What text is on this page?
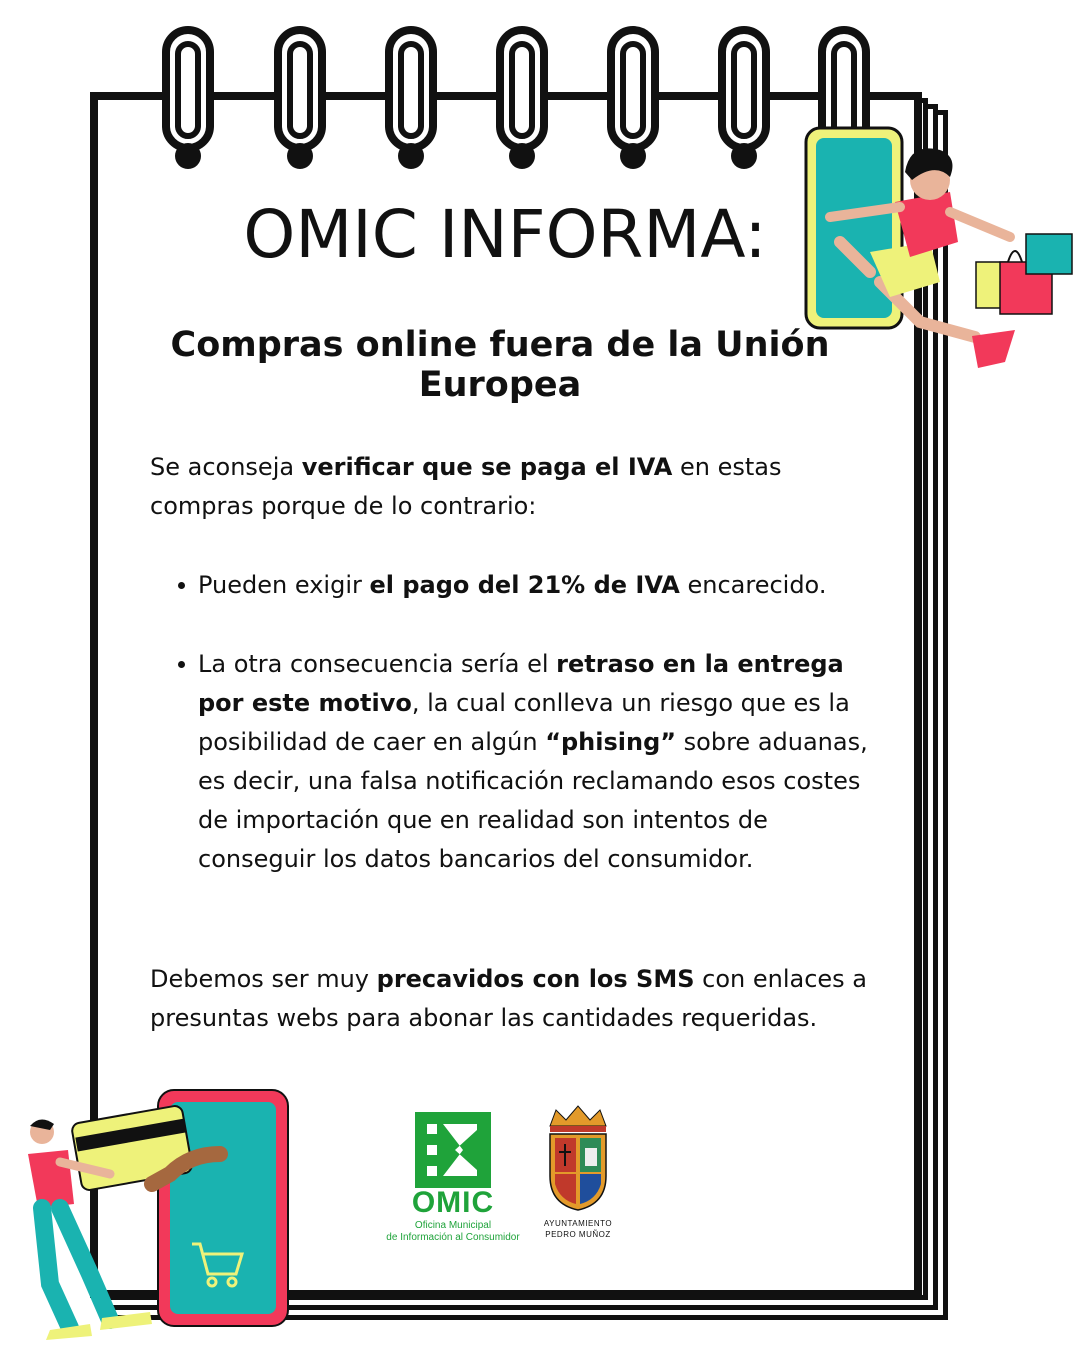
OMIC INFORMA:
Compras online fuera de la Unión Europea

Se aconseja verificar que se paga el IVA en estas compras porque de lo contrario:

Pueden exigir el pago del 21% de IVA encarecido.
La otra consecuencia sería el retraso en la entrega por este motivo, la cual conlleva un riesgo que es la posibilidad de caer en algún “phising” sobre aduanas, es decir, una falsa notificación reclamando esos costes de importación que en realidad son intentos de conseguir los datos bancarios del consumidor.

Debemos ser muy precavidos con los SMS con enlaces a presuntas webs para abonar las cantidades requeridas.

OMIC
Oficina Municipal
de Información al Consumidor
AYUNTAMIENTO
PEDRO MUÑOZ
